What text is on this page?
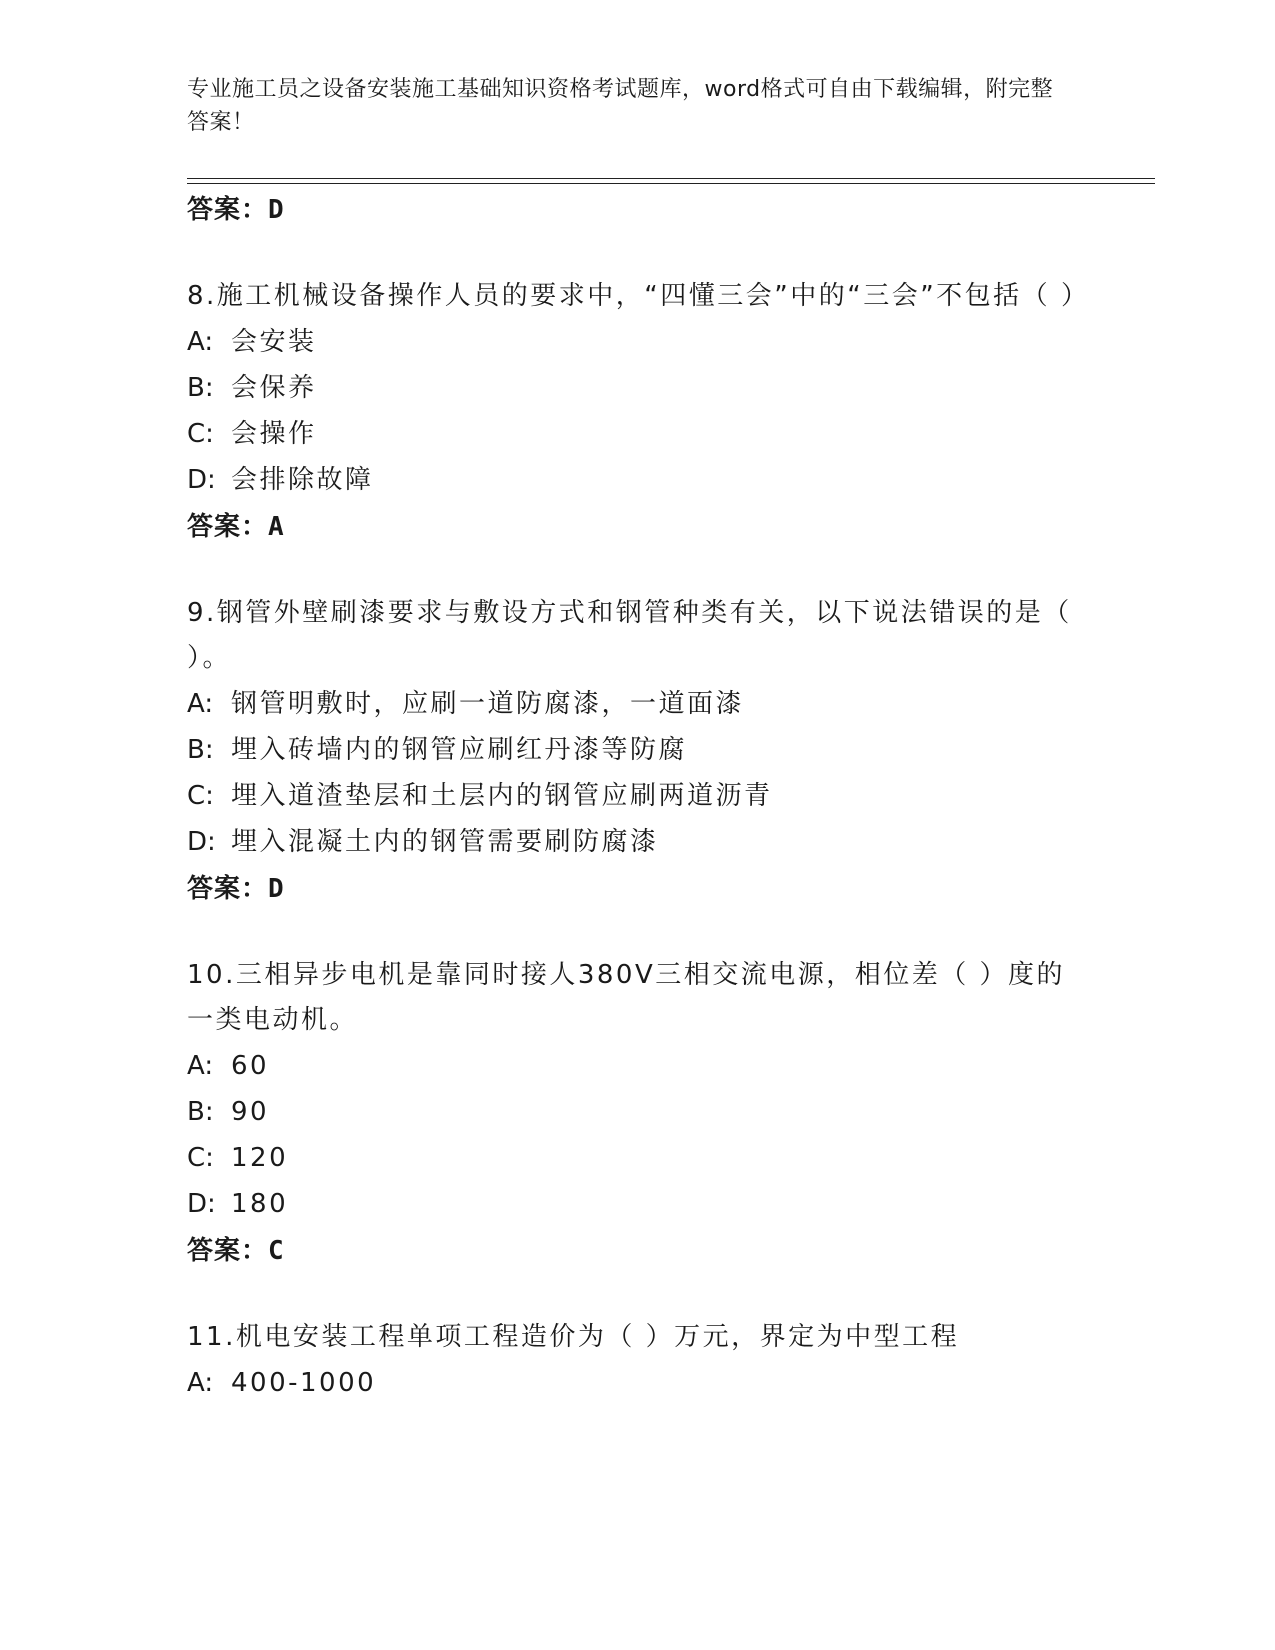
专业施工员之设备安装施工基础知识资格考试题库，word格式可自由下载编辑，附完整答案！
答案：D
8.施工机械设备操作人员的要求中，“四懂三会”中的“三会”不包括（ ）
A: 会安装
B: 会保养
C: 会操作
D: 会排除故障
答案：A
9.钢管外壁刷漆要求与敷设方式和钢管种类有关，以下说法错误的是（ ）。
A: 钢管明敷时，应刷一道防腐漆，一道面漆
B: 埋入砖墙内的钢管应刷红丹漆等防腐
C: 埋入道渣垫层和土层内的钢管应刷两道沥青
D: 埋入混凝土内的钢管需要刷防腐漆
答案：D
10.三相异步电机是靠同时接人380V三相交流电源，相位差（ ）度的一类电动机。
A: 60
B: 90
C: 120
D: 180
答案：C
11.机电安装工程单项工程造价为（ ）万元，界定为中型工程
A: 400-1000
